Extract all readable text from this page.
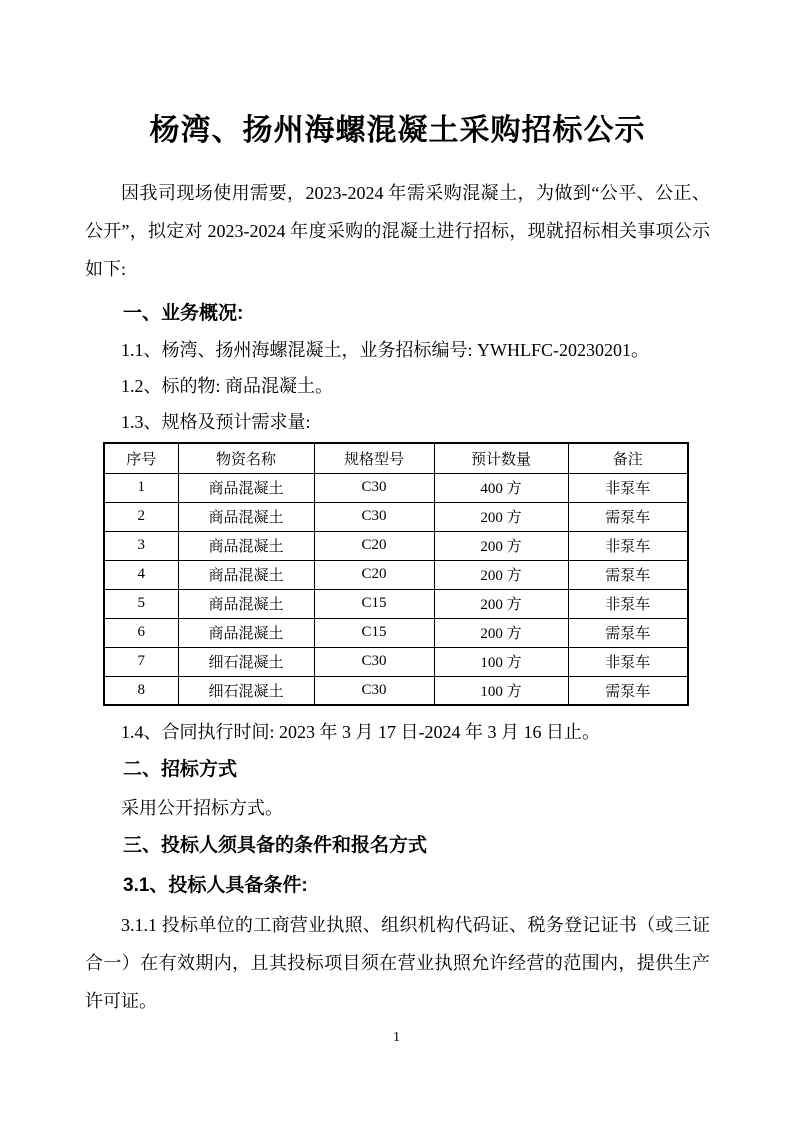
杨湾、扬州海螺混凝土采购招标公示

因我司现场使用需要，2023-2024 年需采购混凝土，为做到“公平、公正、公开”，拟定对 2023-2024 年度采购的混凝土进行招标，现就招标相关事项公示如下:

一、业务概况:
1.1、杨湾、扬州海螺混凝土，业务招标编号: YWHLFC-20230201。
1.2、标的物: 商品混凝土。
1.3、规格及预计需求量:
序号	物资名称	规格型号	预计数量	备注
1	商品混凝土	C30	400 方	非泵车
2	商品混凝土	C30	200 方	需泵车
3	商品混凝土	C20	200 方	非泵车
4	商品混凝土	C20	200 方	需泵车
5	商品混凝土	C15	200 方	非泵车
6	商品混凝土	C15	200 方	需泵车
7	细石混凝土	C30	100 方	非泵车
8	细石混凝土	C30	100 方	需泵车
1.4、合同执行时间: 2023 年 3 月 17 日-2024 年 3 月 16 日止。
二、招标方式
采用公开招标方式。
三、投标人须具备的条件和报名方式
3.1、投标人具备条件:

3.1.1 投标单位的工商营业执照、组织机构代码证、税务登记证书（或三证合一）在有效期内，且其投标项目须在营业执照允许经营的范围内，提供生产许可证。

1
